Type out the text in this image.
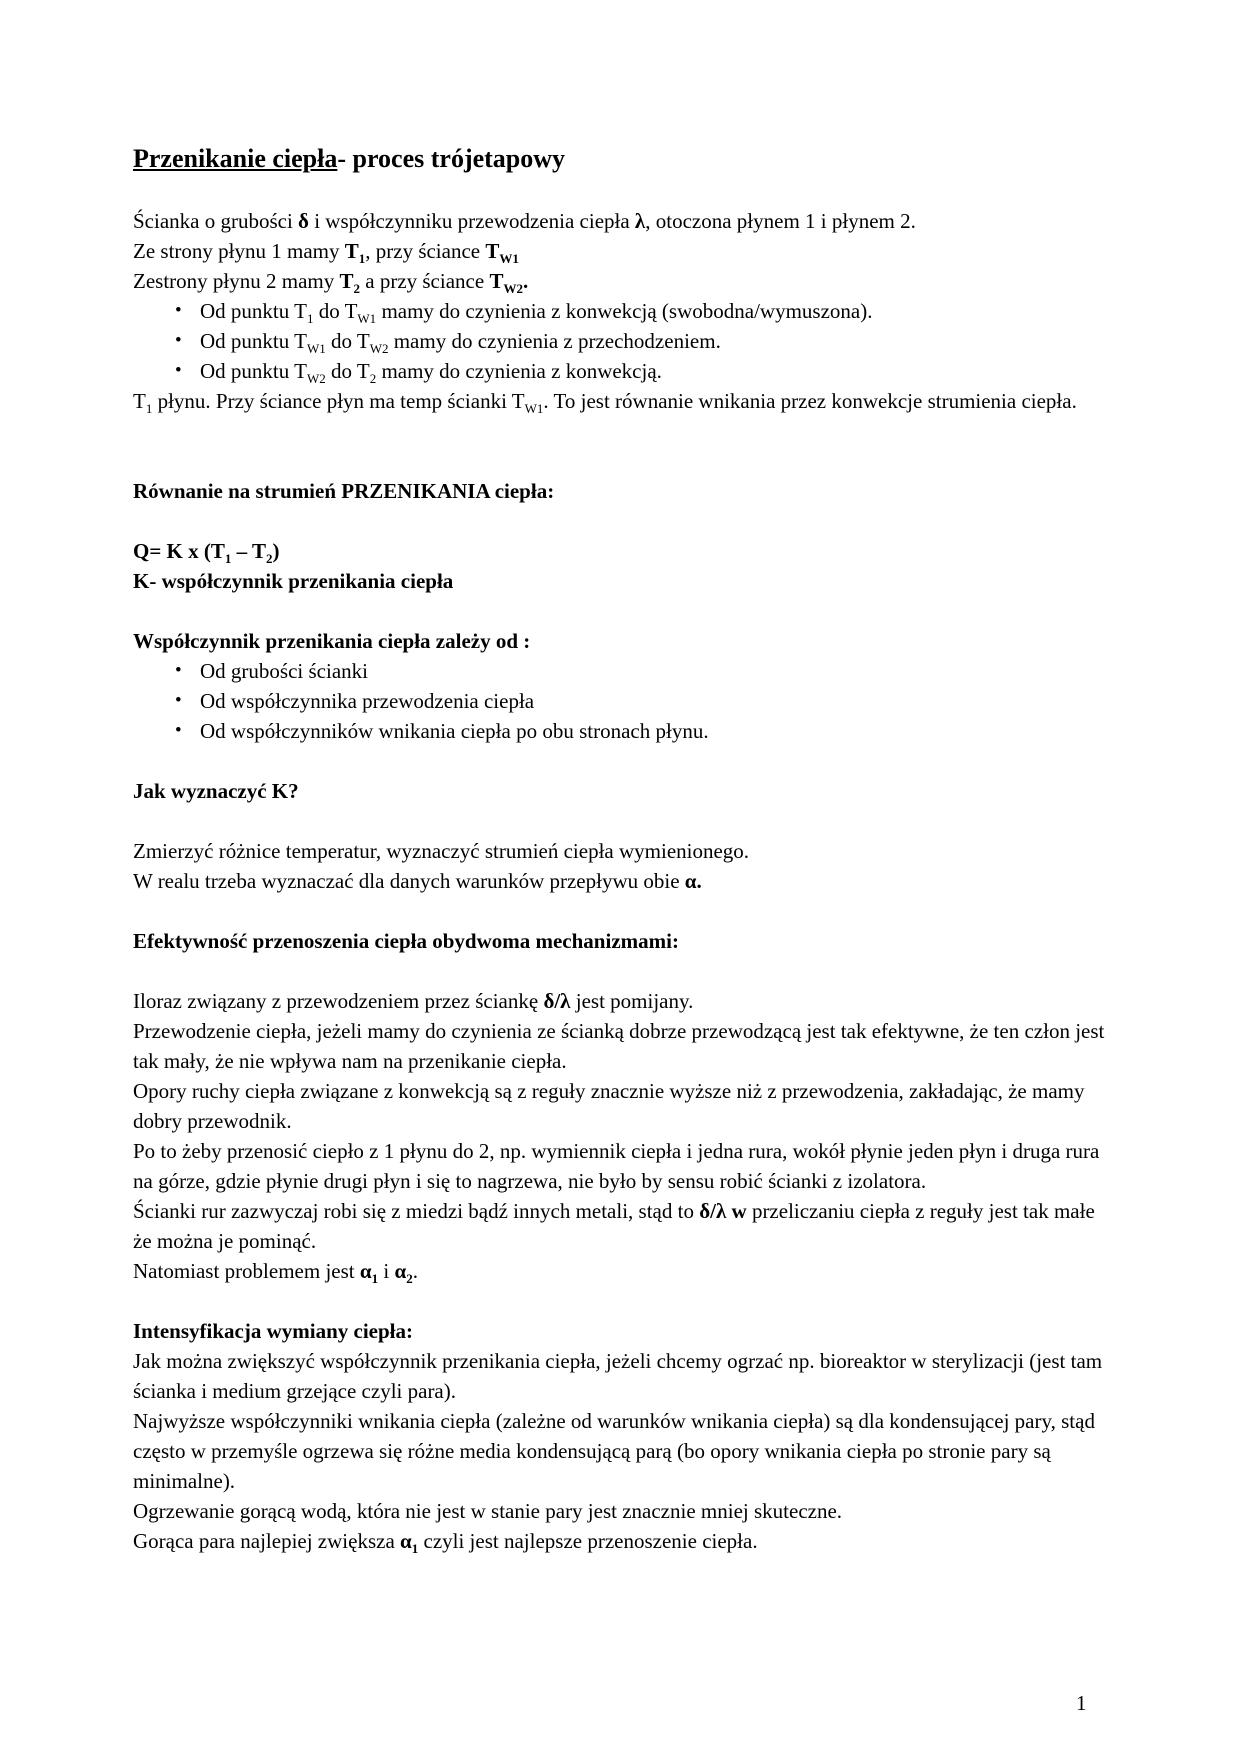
Przenikanie ciepła- proces trójetapowy
Ścianka o grubości δ i współczynniku przewodzenia ciepła λ, otoczona płynem 1 i płynem 2.
Ze strony płynu 1 mamy $T_1$, przy ściance $T_{W1}$
Zestrony płynu 2 mamy $T_2$ a przy ściance $T_{W2}$.
• Od punktu $T_1$ do $T_{W1}$ mamy do czynienia z konwekcją (swobodna/wymuszona).
• Od punktu $T_{W1}$ do $T_{W2}$ mamy do czynienia z przechodzeniem.
• Od punktu $T_{W2}$ do $T_2$ mamy do czynienia z konwekcją.
$T_1$ płynu. Przy ściance płyn ma temp ścianki $T_{W1}$. To jest równanie wnikania przez konwekcje strumienia ciepła.
Równanie na strumień PRZENIKANIA ciepła:
Q= K x $(T_1 - T_2)$
K- współczynnik przenikania ciepła
Współczynnik przenikania ciepła zależy od :
• Od grubości ścianki
• Od współczynnika przewodzenia ciepła
• Od współczynników wnikania ciepła po obu stronach płynu.
Jak wyznaczyć K?
Zmierzyć różnice temperatur, wyznaczyć strumień ciepła wymienionego.
W realu trzeba wyznaczać dla danych warunków przepływu obie α.
Efektywność przenoszenia ciepła obydwoma mechanizmami:
Iloraz związany z przewodzeniem przez ściankę δ/λ jest pomijany.
Przewodzenie ciepła, jeżeli mamy do czynienia ze ścianką dobrze przewodzącą jest tak efektywne, że ten człon jest tak mały, że nie wpływa nam na przenikanie ciepła.
Opory ruchy ciepła związane z konwekcją są z reguły znacznie wyższe niż z przewodzenia, zakładając, że mamy dobry przewodnik.
Po to żeby przenosić ciepło z 1 płynu do 2, np. wymiennik ciepła i jedna rura, wokół płynie jeden płyn i druga rura na górze, gdzie płynie drugi płyn i się to nagrzewa, nie było by sensu robić ścianki z izolatora.
Ścianki rur zazwyczaj robi się z miedzi bądź innych metali, stąd to δ/λ w przeliczaniu ciepła z reguły jest tak małe że można je pominąć.
Natomiast problemem jest $\alpha_1$ i $\alpha_2$.
Intensyfikacja wymiany ciepła:
Jak można zwiększyć współczynnik przenikania ciepła, jeżeli chcemy ogrzać np. bioreaktor w sterylizacji (jest tam ścianka i medium grzejące czyli para).
Najwyższe współczynniki wnikania ciepła (zależne od warunków wnikania ciepła) są dla kondensującej pary, stąd często w przemyśle ogrzewa się różne media kondensującą parą (bo opory wnikania ciepła po stronie pary są minimalne).
Ogrzewanie gorącą wodą, która nie jest w stanie pary jest znacznie mniej skuteczne.
Gorąca para najlepiej zwiększa $\alpha_1$ czyli jest najlepsze przenoszenie ciepła.
1
